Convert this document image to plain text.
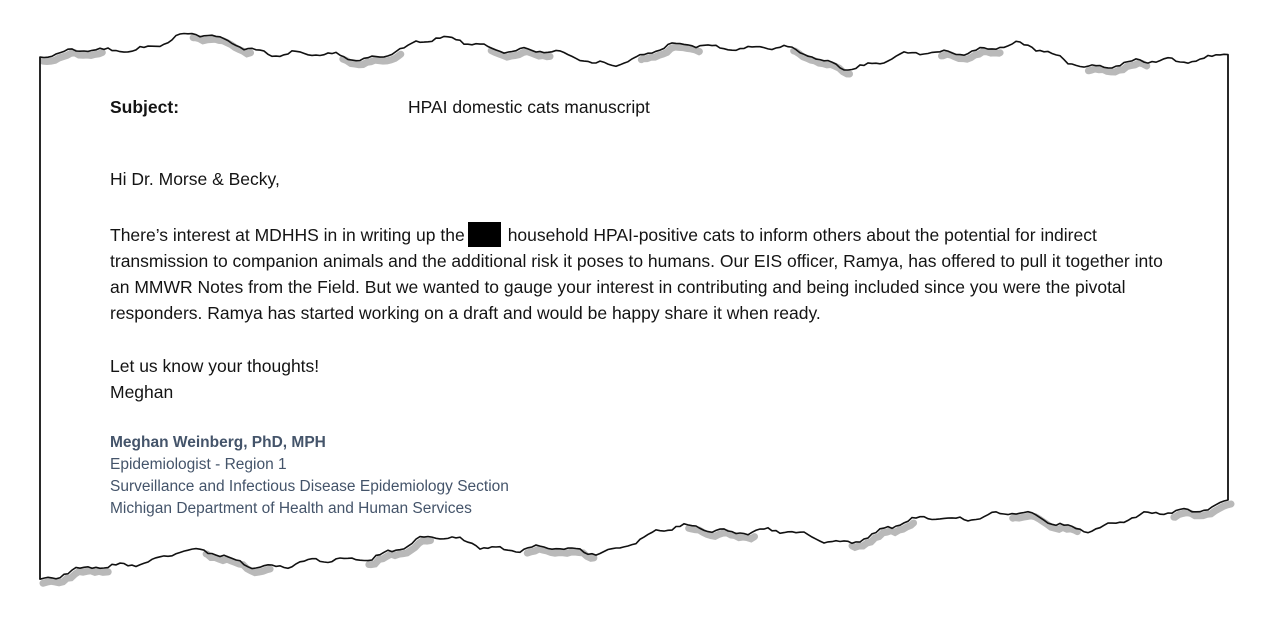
Subject:	HPAI domestic cats manuscript

Hi Dr. Morse & Becky,

There’s interest at MDHHS in in writing up the household HPAI-positive cats to inform others about the potential for indirect transmission to companion animals and the additional risk it poses to humans. Our EIS officer, Ramya, has offered to pull it together into an MMWR Notes from the Field. But we wanted to gauge your interest in contributing and being included since you were the pivotal responders. Ramya has started working on a draft and would be happy share it when ready.

Let us know your thoughts!
Meghan

Meghan Weinberg, PhD, MPH
Epidemiologist - Region 1
Surveillance and Infectious Disease Epidemiology Section
Michigan Department of Health and Human Services
